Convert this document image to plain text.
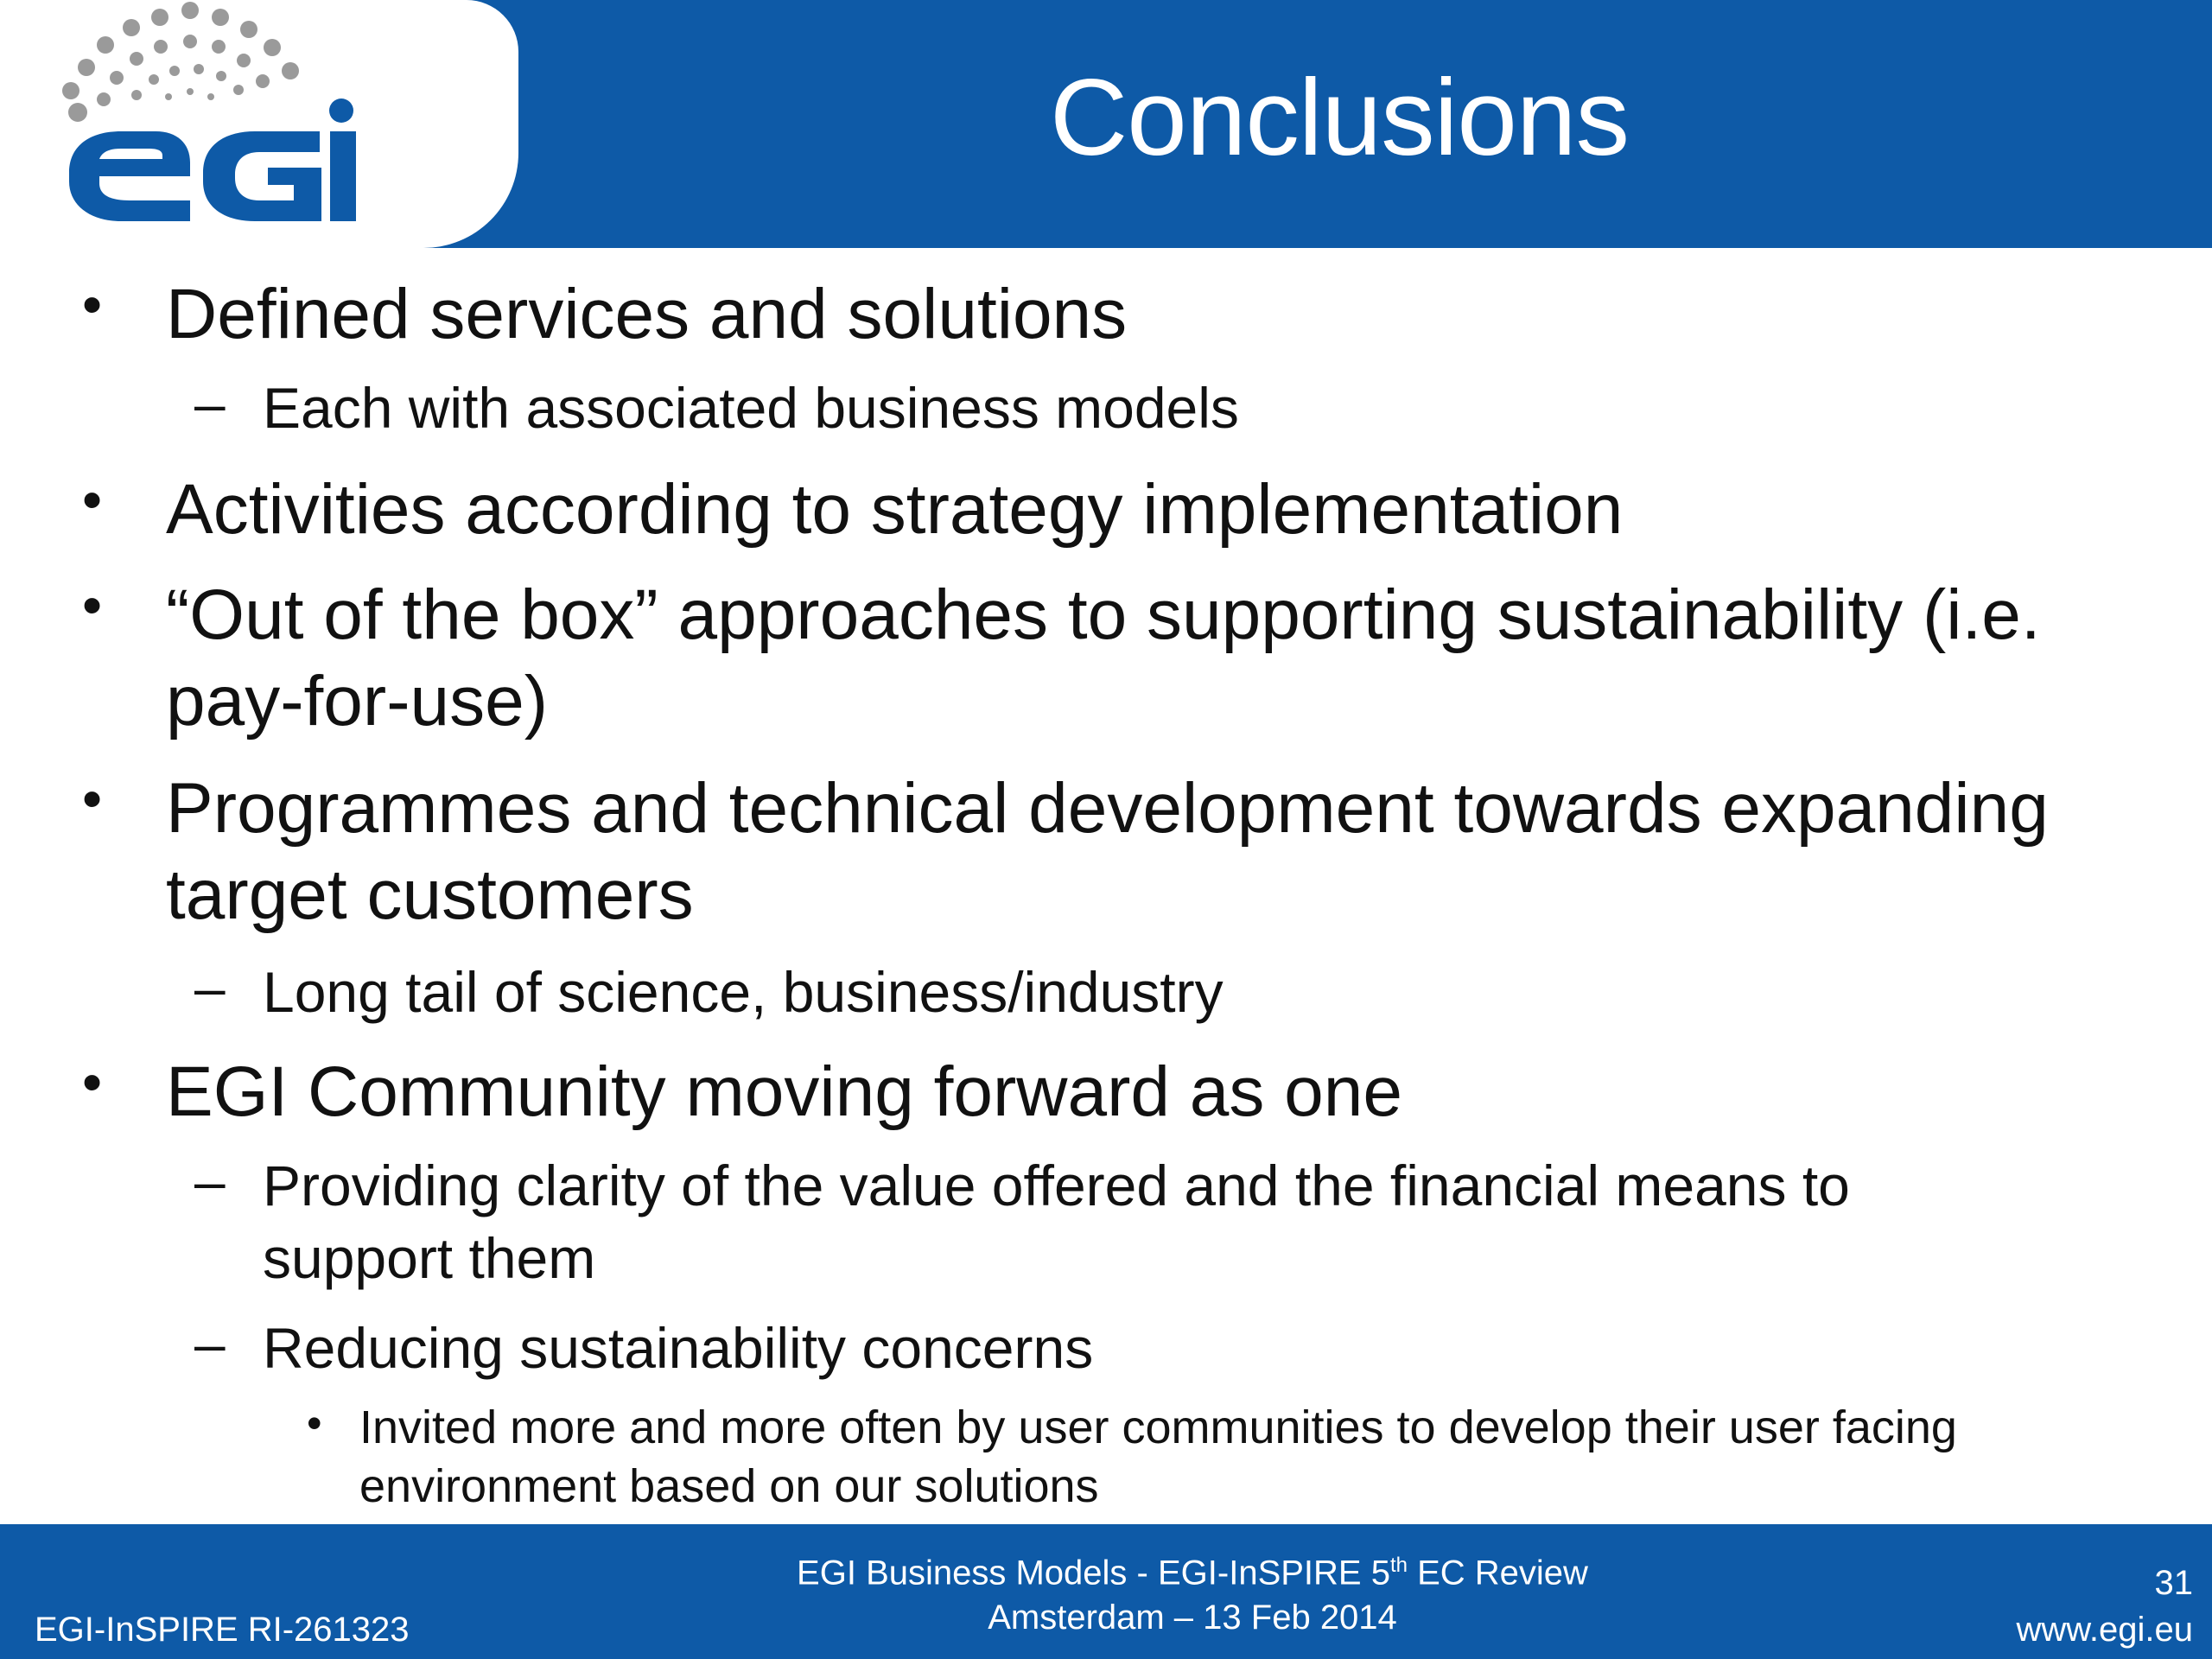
Conclusions
• Defined services and solutions
– Each with associated business models
• Activities according to strategy implementation
• “Out of the box” approaches to supporting sustainability (i.e. pay-for-use)
• Programmes and technical development towards expanding target customers
– Long tail of science, business/industry
• EGI Community moving forward as one
– Providing clarity of the value offered and the financial means to support them
– Reducing sustainability concerns
• Invited more and more often by user communities to develop their user facing environment based on our solutions
EGI-InSPIRE RI-261323
EGI Business Models - EGI-InSPIRE 5th EC Review
Amsterdam – 13 Feb 2014
31
www.egi.eu
